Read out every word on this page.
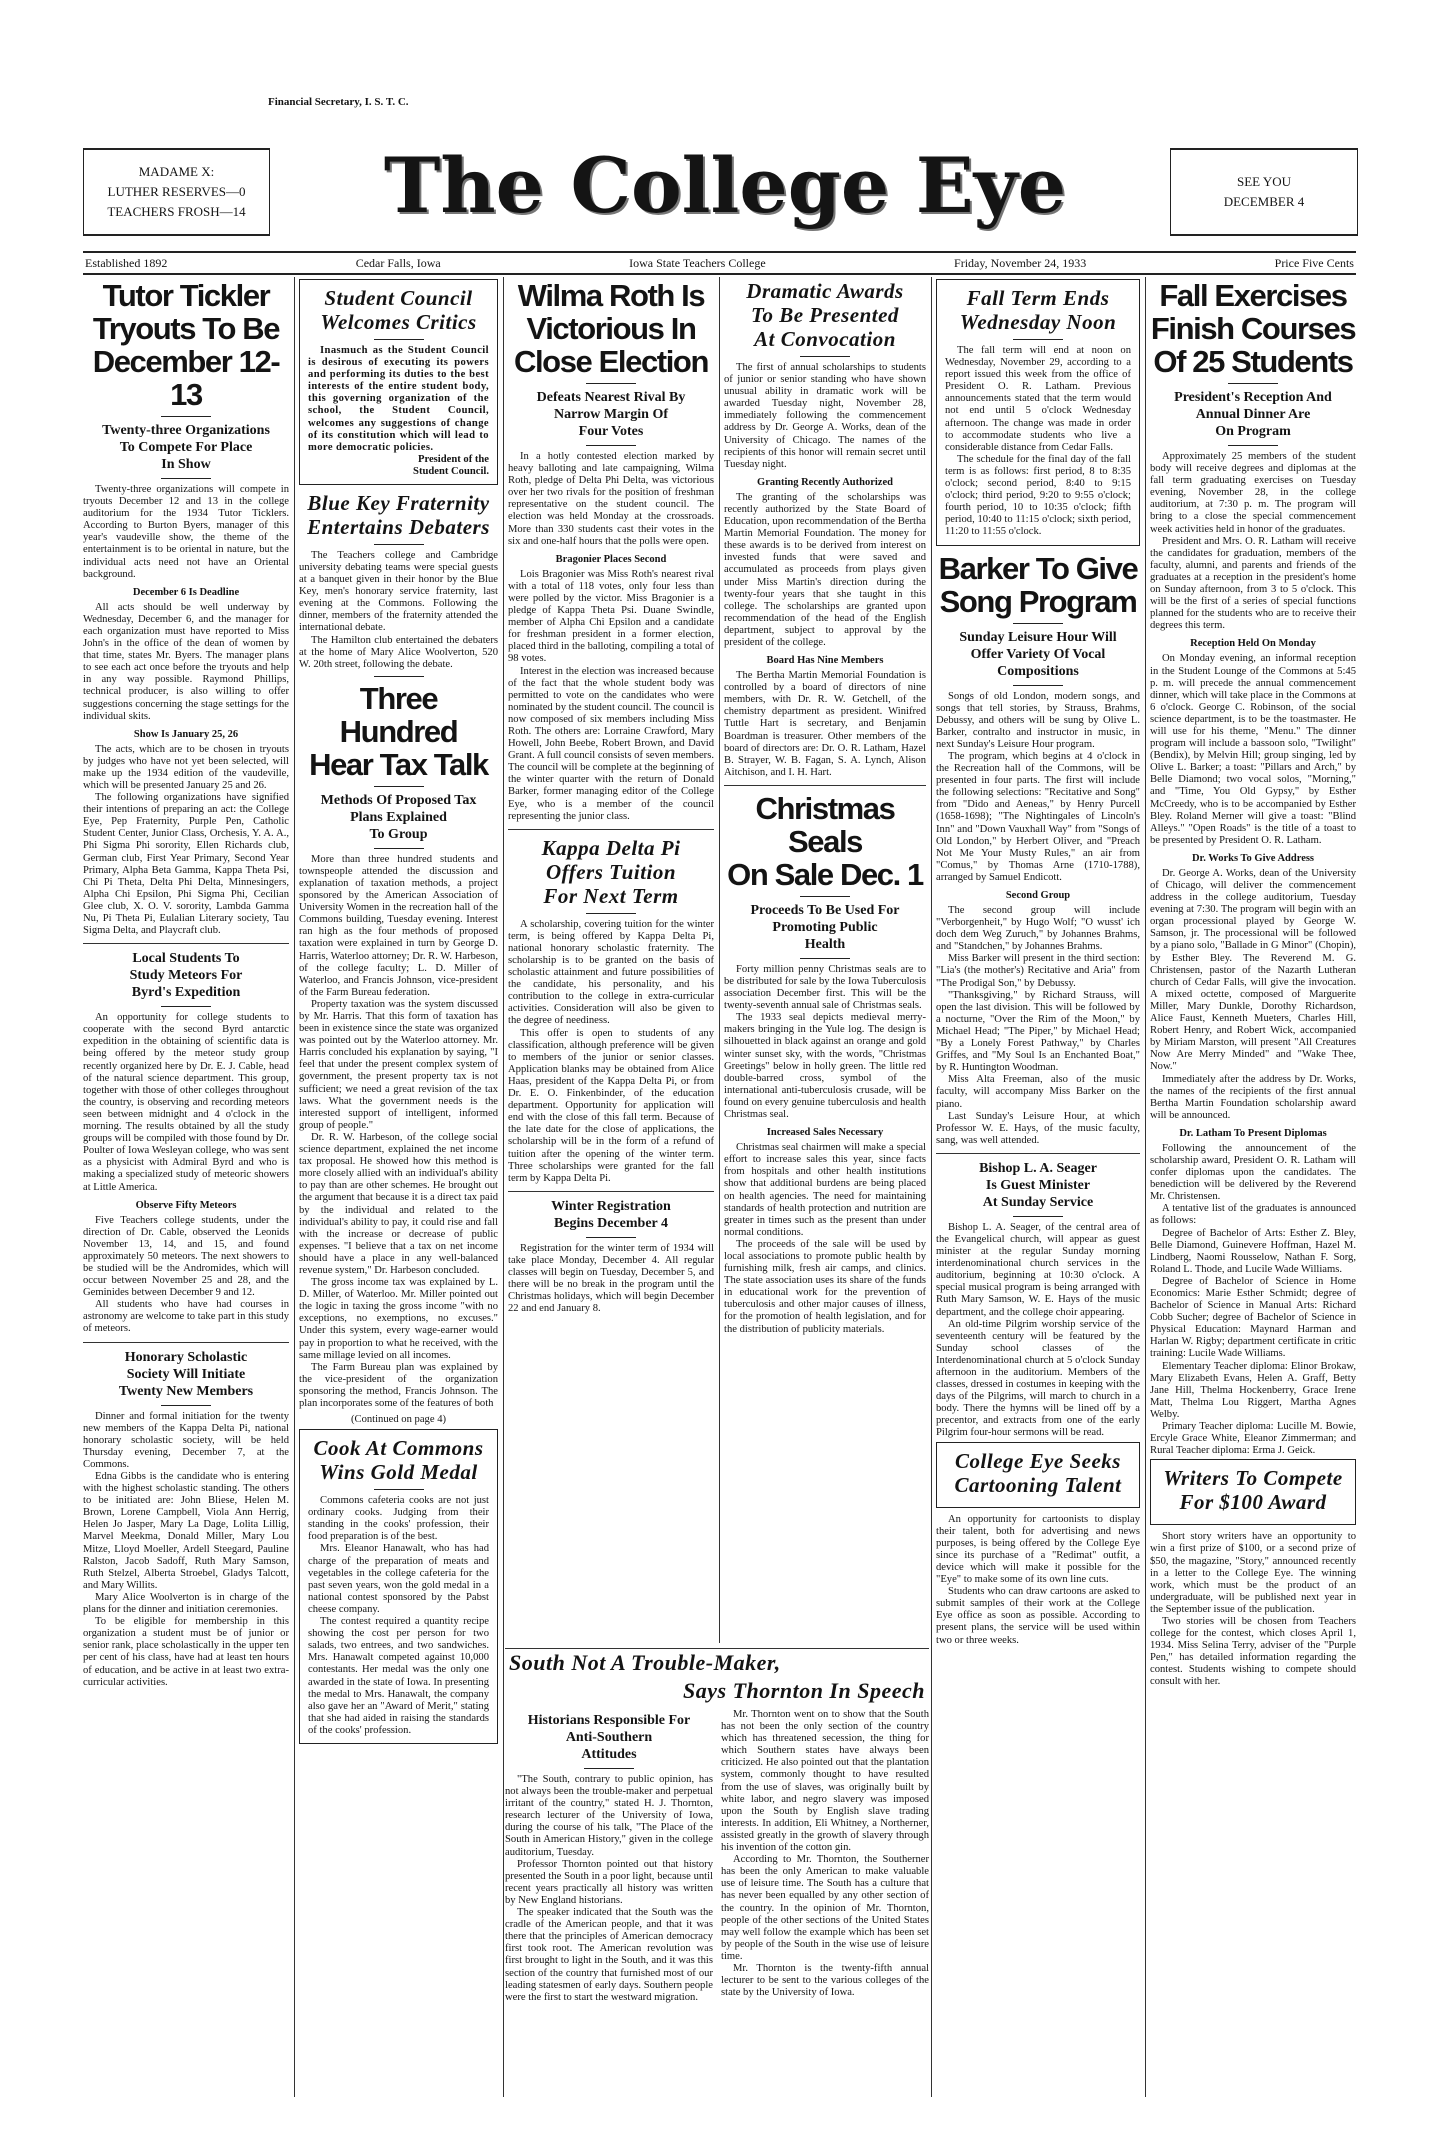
Financial Secretary, I. S. T. C.
MADAME X:
LUTHER RESERVES—0
TEACHERS FROSH—14	The College Eye	SEE YOU
DECEMBER 4
Established 1892	Cedar Falls, Iowa	Iowa State Teachers College	Friday, November 24, 1933	Price Five Cents
Tutor Tickler
Tryouts To Be
December 12-13
Twenty-three Organizations
To Compete For Place
In Show
Twenty-three organizations will compete in tryouts December 12 and 13 in the college auditorium for the 1934 Tutor Ticklers. According to Burton Byers, manager of this year's vaudeville show, the theme of the entertainment is to be oriental in nature, but the individual acts need not have an Oriental background.
December 6 Is Deadline
All acts should be well underway by Wednesday, December 6, and the manager for each organization must have reported to Miss John's in the office of the dean of women by that time, states Mr. Byers. The manager plans to see each act once before the tryouts and help in any way possible. Raymond Phillips, technical producer, is also willing to offer suggestions concerning the stage settings for the individual skits.
Show Is January 25, 26
The acts, which are to be chosen in tryouts by judges who have not yet been selected, will make up the 1934 edition of the vaudeville, which will be presented January 25 and 26.
The following organizations have signified their intentions of preparing an act: the College Eye, Pep Fraternity, Purple Pen, Catholic Student Center, Junior Class, Orchesis, Y. A. A., Phi Sigma Phi sorority, Ellen Richards club, German club, First Year Primary, Second Year Primary, Alpha Beta Gamma, Kappa Theta Psi, Chi Pi Theta, Delta Phi Delta, Minnesingers, Alpha Chi Epsilon, Phi Sigma Phi, Cecilian Glee club, X. O. V. sorority, Lambda Gamma Nu, Pi Theta Pi, Eulalian Literary society, Tau Sigma Delta, and Playcraft club.
Local Students To
Study Meteors For
Byrd's Expedition
An opportunity for college students to cooperate with the second Byrd antarctic expedition in the obtaining of scientific data is being offered by the meteor study group recently organized here by Dr. E. J. Cable, head of the natural science department. This group, together with those of other colleges throughout the country, is observing and recording meteors seen between midnight and 4 o'clock in the morning. The results obtained by all the study groups will be compiled with those found by Dr. Poulter of Iowa Wesleyan college, who was sent as a physicist with Admiral Byrd and who is making a specialized study of meteoric showers at Little America.
Observe Fifty Meteors
Five Teachers college students, under the direction of Dr. Cable, observed the Leonids November 13, 14, and 15, and found approximately 50 meteors. The next showers to be studied will be the Andromides, which will occur between November 25 and 28, and the Geminides between December 9 and 12.
All students who have had courses in astronomy are welcome to take part in this study of meteors.
Honorary Scholastic
Society Will Initiate
Twenty New Members
Dinner and formal initiation for the twenty new members of the Kappa Delta Pi, national honorary scholastic society, will be held Thursday evening, December 7, at the Commons.
Edna Gibbs is the candidate who is entering with the highest scholastic standing. The others to be initiated are: John Bliese, Helen M. Brown, Lorene Campbell, Viola Ann Herrig, Helen Jo Jasper, Mary La Dage, Lolita Lillig, Marvel Meekma, Donald Miller, Mary Lou Mitze, Lloyd Moeller, Ardell Steegard, Pauline Ralston, Jacob Sadoff, Ruth Mary Samson, Ruth Stelzel, Alberta Stroebel, Gladys Talcott, and Mary Willits.
Mary Alice Woolverton is in charge of the plans for the dinner and initiation ceremonies.
To be eligible for membership in this organization a student must be of junior or senior rank, place scholastically in the upper ten per cent of his class, have had at least ten hours of education, and be active in at least two extra-curricular activities.
Student Council
Welcomes Critics
Inasmuch as the Student Council is desirous of executing its powers and performing its duties to the best interests of the entire student body, this governing organization of the school, the Student Council, welcomes any suggestions of change of its constitution which will lead to more democratic policies.
President of the
Student Council.
Blue Key Fraternity
Entertains Debaters
The Teachers college and Cambridge university debating teams were special guests at a banquet given in their honor by the Blue Key, men's honorary service fraternity, last evening at the Commons. Following the dinner, members of the fraternity attended the international debate.
The Hamilton club entertained the debaters at the home of Mary Alice Woolverton, 520 W. 20th street, following the debate.
Three Hundred
Hear Tax Talk
Methods Of Proposed Tax
Plans Explained
To Group
More than three hundred students and townspeople attended the discussion and explanation of taxation methods, a project sponsored by the American Association of University Women in the recreation hall of the Commons building, Tuesday evening. Interest ran high as the four methods of proposed taxation were explained in turn by George D. Harris, Waterloo attorney; Dr. R. W. Harbeson, of the college faculty; L. D. Miller of Waterloo, and Francis Johnson, vice-president of the Farm Bureau federation.
Property taxation was the system discussed by Mr. Harris. That this form of taxation has been in existence since the state was organized was pointed out by the Waterloo attorney. Mr. Harris concluded his explanation by saying, "I feel that under the present complex system of government, the present property tax is not sufficient; we need a great revision of the tax laws. What the government needs is the interested support of intelligent, informed group of people."
Dr. R. W. Harbeson, of the college social science department, explained the net income tax proposal. He showed how this method is more closely allied with an individual's ability to pay than are other schemes. He brought out the argument that because it is a direct tax paid by the individual and related to the individual's ability to pay, it could rise and fall with the increase or decrease of public expenses. "I believe that a tax on net income should have a place in any well-balanced revenue system," Dr. Harbeson concluded.
The gross income tax was explained by L. D. Miller, of Waterloo. Mr. Miller pointed out the logic in taxing the gross income "with no exceptions, no exemptions, no excuses." Under this system, every wage-earner would pay in proportion to what he received, with the same millage levied on all incomes.
The Farm Bureau plan was explained by the vice-president of the organization sponsoring the method, Francis Johnson. The plan incorporates some of the features of both
(Continued on page 4)
Cook At Commons
Wins Gold Medal
Commons cafeteria cooks are not just ordinary cooks. Judging from their standing in the cooks' profession, their food preparation is of the best.
Mrs. Eleanor Hanawalt, who has had charge of the preparation of meats and vegetables in the college cafeteria for the past seven years, won the gold medal in a national contest sponsored by the Pabst cheese company.
The contest required a quantity recipe showing the cost per person for two salads, two entrees, and two sandwiches. Mrs. Hanawalt competed against 10,000 contestants. Her medal was the only one awarded in the state of Iowa. In presenting the medal to Mrs. Hanawalt, the company also gave her an "Award of Merit," stating that she had aided in raising the standards of the cooks' profession.
Wilma Roth Is
Victorious In
Close Election
Defeats Nearest Rival By
Narrow Margin Of
Four Votes
In a hotly contested election marked by heavy balloting and late campaigning, Wilma Roth, pledge of Delta Phi Delta, was victorious over her two rivals for the position of freshman representative on the student council. The election was held Monday at the crossroads. More than 330 students cast their votes in the six and one-half hours that the polls were open.
Bragonier Places Second
Lois Bragonier was Miss Roth's nearest rival with a total of 118 votes, only four less than were polled by the victor. Miss Bragonier is a pledge of Kappa Theta Psi. Duane Swindle, member of Alpha Chi Epsilon and a candidate for freshman president in a former election, placed third in the balloting, compiling a total of 98 votes.
Interest in the election was increased because of the fact that the whole student body was permitted to vote on the candidates who were nominated by the student council. The council is now composed of six members including Miss Roth. The others are: Lorraine Crawford, Mary Howell, John Beebe, Robert Brown, and David Grant. A full council consists of seven members. The council will be complete at the beginning of the winter quarter with the return of Donald Barker, former managing editor of the College Eye, who is a member of the council representing the junior class.
Kappa Delta Pi
Offers Tuition
For Next Term
A scholarship, covering tuition for the winter term, is being offered by Kappa Delta Pi, national honorary scholastic fraternity. The scholarship is to be granted on the basis of scholastic attainment and future possibilities of the candidate, his personality, and his contribution to the college in extra-curricular activities. Consideration will also be given to the degree of neediness.
This offer is open to students of any classification, although preference will be given to members of the junior or senior classes. Application blanks may be obtained from Alice Haas, president of the Kappa Delta Pi, or from Dr. E. O. Finkenbinder, of the education department. Opportunity for application will end with the close of this fall term. Because of the late date for the close of applications, the scholarship will be in the form of a refund of tuition after the opening of the winter term. Three scholarships were granted for the fall term by Kappa Delta Pi.
Winter Registration
Begins December 4
Registration for the winter term of 1934 will take place Monday, December 4. All regular classes will begin on Tuesday, December 5, and there will be no break in the program until the Christmas holidays, which will begin December 22 and end January 8.
Dramatic Awards
To Be Presented
At Convocation
The first of annual scholarships to students of junior or senior standing who have shown unusual ability in dramatic work will be awarded Tuesday night, November 28, immediately following the commencement address by Dr. George A. Works, dean of the University of Chicago. The names of the recipients of this honor will remain secret until Tuesday night.
Granting Recently Authorized
The granting of the scholarships was recently authorized by the State Board of Education, upon recommendation of the Bertha Martin Memorial Foundation. The money for these awards is to be derived from interest on invested funds that were saved and accumulated as proceeds from plays given under Miss Martin's direction during the twenty-four years that she taught in this college. The scholarships are granted upon recommendation of the head of the English department, subject to approval by the president of the college.
Board Has Nine Members
The Bertha Martin Memorial Foundation is controlled by a board of directors of nine members, with Dr. R. W. Getchell, of the chemistry department as president. Winifred Tuttle Hart is secretary, and Benjamin Boardman is treasurer. Other members of the board of directors are: Dr. O. R. Latham, Hazel B. Strayer, W. B. Fagan, S. A. Lynch, Alison Aitchison, and I. H. Hart.
Christmas Seals
On Sale Dec. 1
Proceeds To Be Used For
Promoting Public
Health
Forty million penny Christmas seals are to be distributed for sale by the Iowa Tuberculosis association December first. This will be the twenty-seventh annual sale of Christmas seals.
The 1933 seal depicts medieval merry-makers bringing in the Yule log. The design is silhouetted in black against an orange and gold winter sunset sky, with the words, "Christmas Greetings" below in holly green. The little red double-barred cross, symbol of the international anti-tuberculosis crusade, will be found on every genuine tuberculosis and health Christmas seal.
Increased Sales Necessary
Christmas seal chairmen will make a special effort to increase sales this year, since facts from hospitals and other health institutions show that additional burdens are being placed on health agencies. The need for maintaining standards of health protection and nutrition are greater in times such as the present than under normal conditions.
The proceeds of the sale will be used by local associations to promote public health by furnishing milk, fresh air camps, and clinics. The state association uses its share of the funds in educational work for the prevention of tuberculosis and other major causes of illness, for the promotion of health legislation, and for the distribution of publicity materials.
Fall Term Ends
Wednesday Noon
The fall term will end at noon on Wednesday, November 29, according to a report issued this week from the office of President O. R. Latham. Previous announcements stated that the term would not end until 5 o'clock Wednesday afternoon. The change was made in order to accommodate students who live a considerable distance from Cedar Falls.
The schedule for the final day of the fall term is as follows: first period, 8 to 8:35 o'clock; second period, 8:40 to 9:15 o'clock; third period, 9:20 to 9:55 o'clock; fourth period, 10 to 10:35 o'clock; fifth period, 10:40 to 11:15 o'clock; sixth period, 11:20 to 11:55 o'clock.
Barker To Give
Song Program
Sunday Leisure Hour Will
Offer Variety Of Vocal
Compositions
Songs of old London, modern songs, and songs that tell stories, by Strauss, Brahms, Debussy, and others will be sung by Olive L. Barker, contralto and instructor in music, in next Sunday's Leisure Hour program.
The program, which begins at 4 o'clock in the Recreation hall of the Commons, will be presented in four parts. The first will include the following selections: "Recitative and Song" from "Dido and Aeneas," by Henry Purcell (1658-1698); "The Nightingales of Lincoln's Inn" and "Down Vauxhall Way" from "Songs of Old London," by Herbert Oliver, and "Preach Not Me Your Musty Rules," an air from "Comus," by Thomas Arne (1710-1788), arranged by Samuel Endicott.
Second Group
The second group will include "Verborgenheit," by Hugo Wolf; "O wusst' ich doch dem Weg Zuruch," by Johannes Brahms, and "Standchen," by Johannes Brahms.
Miss Barker will present in the third section: "Lia's (the mother's) Recitative and Aria" from "The Prodigal Son," by Debussy.
"Thanksgiving," by Richard Strauss, will open the last division. This will be followed by a nocturne, "Over the Rim of the Moon," by Michael Head; "The Piper," by Michael Head; "By a Lonely Forest Pathway," by Charles Griffes, and "My Soul Is an Enchanted Boat," by R. Huntington Woodman.
Miss Alta Freeman, also of the music faculty, will accompany Miss Barker on the piano.
Last Sunday's Leisure Hour, at which Professor W. E. Hays, of the music faculty, sang, was well attended.
Bishop L. A. Seager
Is Guest Minister
At Sunday Service
Bishop L. A. Seager, of the central area of the Evangelical church, will appear as guest minister at the regular Sunday morning interdenominational church services in the auditorium, beginning at 10:30 o'clock. A special musical program is being arranged with Ruth Mary Samson, W. E. Hays of the music department, and the college choir appearing.
An old-time Pilgrim worship service of the seventeenth century will be featured by the Sunday school classes of the Interdenominational church at 5 o'clock Sunday afternoon in the auditorium. Members of the classes, dressed in costumes in keeping with the days of the Pilgrims, will march to church in a body. There the hymns will be lined off by a precentor, and extracts from one of the early Pilgrim four-hour sermons will be read.
College Eye Seeks
Cartooning Talent
An opportunity for cartoonists to display their talent, both for advertising and news purposes, is being offered by the College Eye since its purchase of a "Redimat" outfit, a device which will make it possible for the "Eye" to make some of its own line cuts.
Students who can draw cartoons are asked to submit samples of their work at the College Eye office as soon as possible. According to present plans, the service will be used within two or three weeks.
Fall Exercises
Finish Courses
Of 25 Students
President's Reception And
Annual Dinner Are
On Program
Approximately 25 members of the student body will receive degrees and diplomas at the fall term graduating exercises on Tuesday evening, November 28, in the college auditorium, at 7:30 p. m. The program will bring to a close the special commencement week activities held in honor of the graduates.
President and Mrs. O. R. Latham will receive the candidates for graduation, members of the faculty, alumni, and parents and friends of the graduates at a reception in the president's home on Sunday afternoon, from 3 to 5 o'clock. This will be the first of a series of special functions planned for the students who are to receive their degrees this term.
Reception Held On Monday
On Monday evening, an informal reception in the Student Lounge of the Commons at 5:45 p. m. will precede the annual commencement dinner, which will take place in the Commons at 6 o'clock. George C. Robinson, of the social science department, is to be the toastmaster. He will use for his theme, "Menu." The dinner program will include a bassoon solo, "Twilight" (Bendix), by Melvin Hill; group singing, led by Olive L. Barker; a toast: "Pillars and Arch," by Belle Diamond; two vocal solos, "Morning," and "Time, You Old Gypsy," by Esther McCreedy, who is to be accompanied by Esther Bley. Roland Merner will give a toast: "Blind Alleys." "Open Roads" is the title of a toast to be presented by President O. R. Latham.
Dr. Works To Give Address
Dr. George A. Works, dean of the University of Chicago, will deliver the commencement address in the college auditorium, Tuesday evening at 7:30. The program will begin with an organ processional played by George W. Samson, jr. The processional will be followed by a piano solo, "Ballade in G Minor" (Chopin), by Esther Bley. The Reverend M. G. Christensen, pastor of the Nazarth Lutheran church of Cedar Falls, will give the invocation. A mixed octette, composed of Marguerite Miller, Mary Dunkle, Dorothy Richardson, Alice Faust, Kenneth Mueters, Charles Hill, Robert Henry, and Robert Wick, accompanied by Miriam Marston, will present "All Creatures Now Are Merry Minded" and "Wake Thee, Now."
Immediately after the address by Dr. Works, the names of the recipients of the first annual Bertha Martin Foundation scholarship award will be announced.
Dr. Latham To Present Diplomas
Following the announcement of the scholarship award, President O. R. Latham will confer diplomas upon the candidates. The benediction will be delivered by the Reverend Mr. Christensen.
A tentative list of the graduates is announced as follows:
Degree of Bachelor of Arts: Esther Z. Bley, Belle Diamond, Guinevere Hoffman, Hazel M. Lindberg, Naomi Rousselow, Nathan F. Sorg, Roland L. Thode, and Lucile Wade Williams.
Degree of Bachelor of Science in Home Economics: Marie Esther Schmidt; degree of Bachelor of Science in Manual Arts: Richard Cobb Sucher; degree of Bachelor of Science in Physical Education: Maynard Harman and Harlan W. Rigby; department certificate in critic training: Lucile Wade Williams.
Elementary Teacher diploma: Elinor Brokaw, Mary Elizabeth Evans, Helen A. Graff, Betty Jane Hill, Thelma Hockenberry, Grace Irene Matt, Thelma Lou Riggert, Martha Agnes Welby.
Primary Teacher diploma: Lucille M. Bowie, Ercyle Grace White, Eleanor Zimmerman; and Rural Teacher diploma: Erma J. Geick.
Writers To Compete
For $100 Award
Short story writers have an opportunity to win a first prize of $100, or a second prize of $50, the magazine, "Story," announced recently in a letter to the College Eye. The winning work, which must be the product of an undergraduate, will be published next year in the September issue of the publication.
Two stories will be chosen from Teachers college for the contest, which closes April 1, 1934. Miss Selina Terry, adviser of the "Purple Pen," has detailed information regarding the contest. Students wishing to compete should consult with her.
South Not A Trouble-Maker,
Says Thornton In Speech
Historians Responsible For
Anti-Southern
Attitudes
"The South, contrary to public opinion, has not always been the trouble-maker and perpetual irritant of the country," stated H. J. Thornton, research lecturer of the University of Iowa, during the course of his talk, "The Place of the South in American History," given in the college auditorium, Tuesday.
Professor Thornton pointed out that history presented the South in a poor light, because until recent years practically all history was written by New England historians.
The speaker indicated that the South was the cradle of the American people, and that it was there that the principles of American democracy first took root. The American revolution was first brought to light in the South, and it was this section of the country that furnished most of our leading statesmen of early days. Southern people were the first to start the westward migration.
Mr. Thornton went on to show that the South has not been the only section of the country which has threatened secession, the thing for which Southern states have always been criticized. He also pointed out that the plantation system, commonly thought to have resulted from the use of slaves, was originally built by white labor, and negro slavery was imposed upon the South by English slave trading interests. In addition, Eli Whitney, a Northerner, assisted greatly in the growth of slavery through his invention of the cotton gin.
According to Mr. Thornton, the Southerner has been the only American to make valuable use of leisure time. The South has a culture that has never been equalled by any other section of the country. In the opinion of Mr. Thornton, people of the other sections of the United States may well follow the example which has been set by people of the South in the wise use of leisure time.
Mr. Thornton is the twenty-fifth annual lecturer to be sent to the various colleges of the state by the University of Iowa.
